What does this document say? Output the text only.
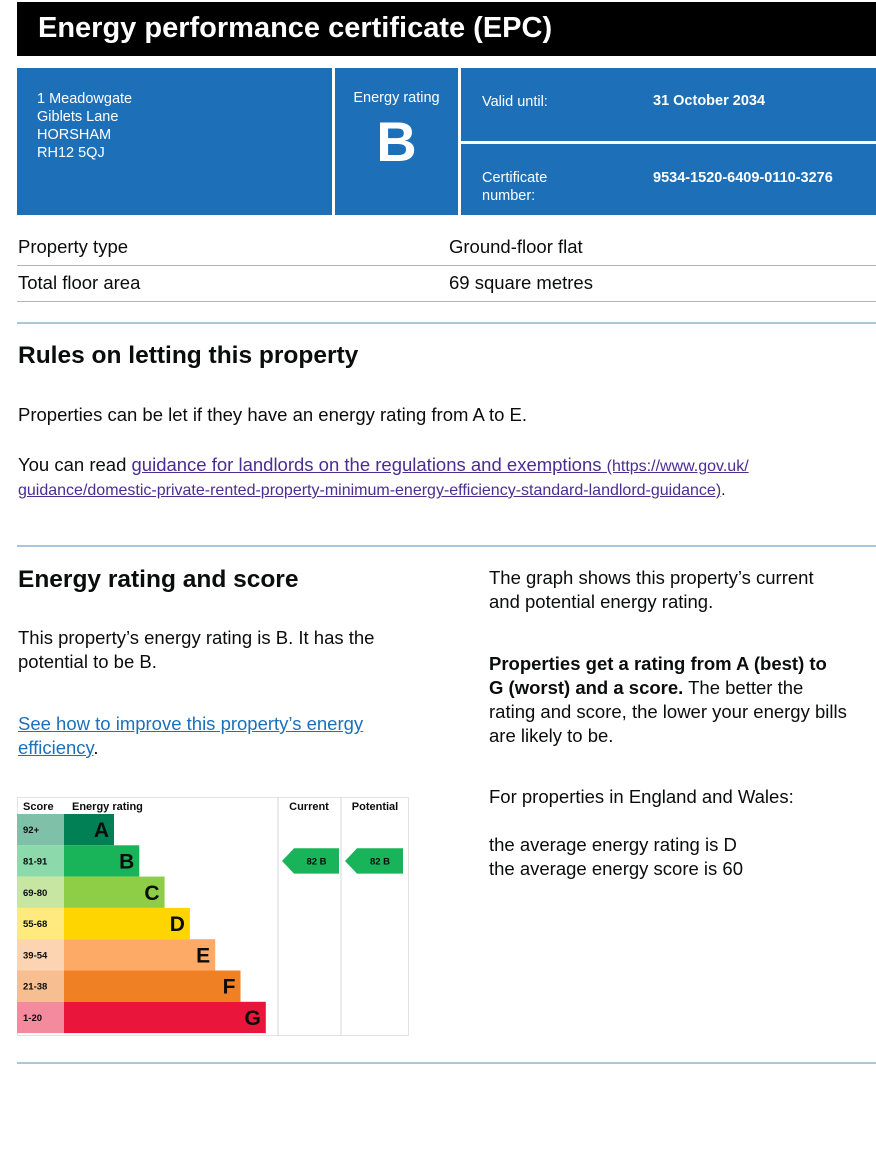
Energy performance certificate (EPC)
1 Meadowgate
Giblets Lane
HORSHAM
RH12 5QJ
Energy rating
B
Valid until:	31 October 2034
Certificate
number:
9534-1520-6409-0110-3276
Property type	Ground-floor flat
Total floor area	69 square metres
Rules on letting this property
Properties can be let if they have an energy rating from A to E.
You can read guidance for landlords on the regulations and exemptions (https://www.gov.uk/
guidance/domestic-private-rented-property-minimum-energy-efficiency-standard-landlord-guidance).
Energy rating and score
This property’s energy rating is B. It has the
potential to be B.
See how to improve this property’s energy
efficiency.
The graph shows this property’s current
and potential energy rating.
Properties get a rating from A (best) to
G (worst) and a score. The better the
rating and score, the lower your energy bills
are likely to be.
For properties in England and Wales:
the average energy rating is D
the average energy score is 60
Score Energy rating	Current Potential
92+	A
81-91	B
69-80	C
55-68	D
39-54	E
21-38	F
1-20	G
82 B	82 B
